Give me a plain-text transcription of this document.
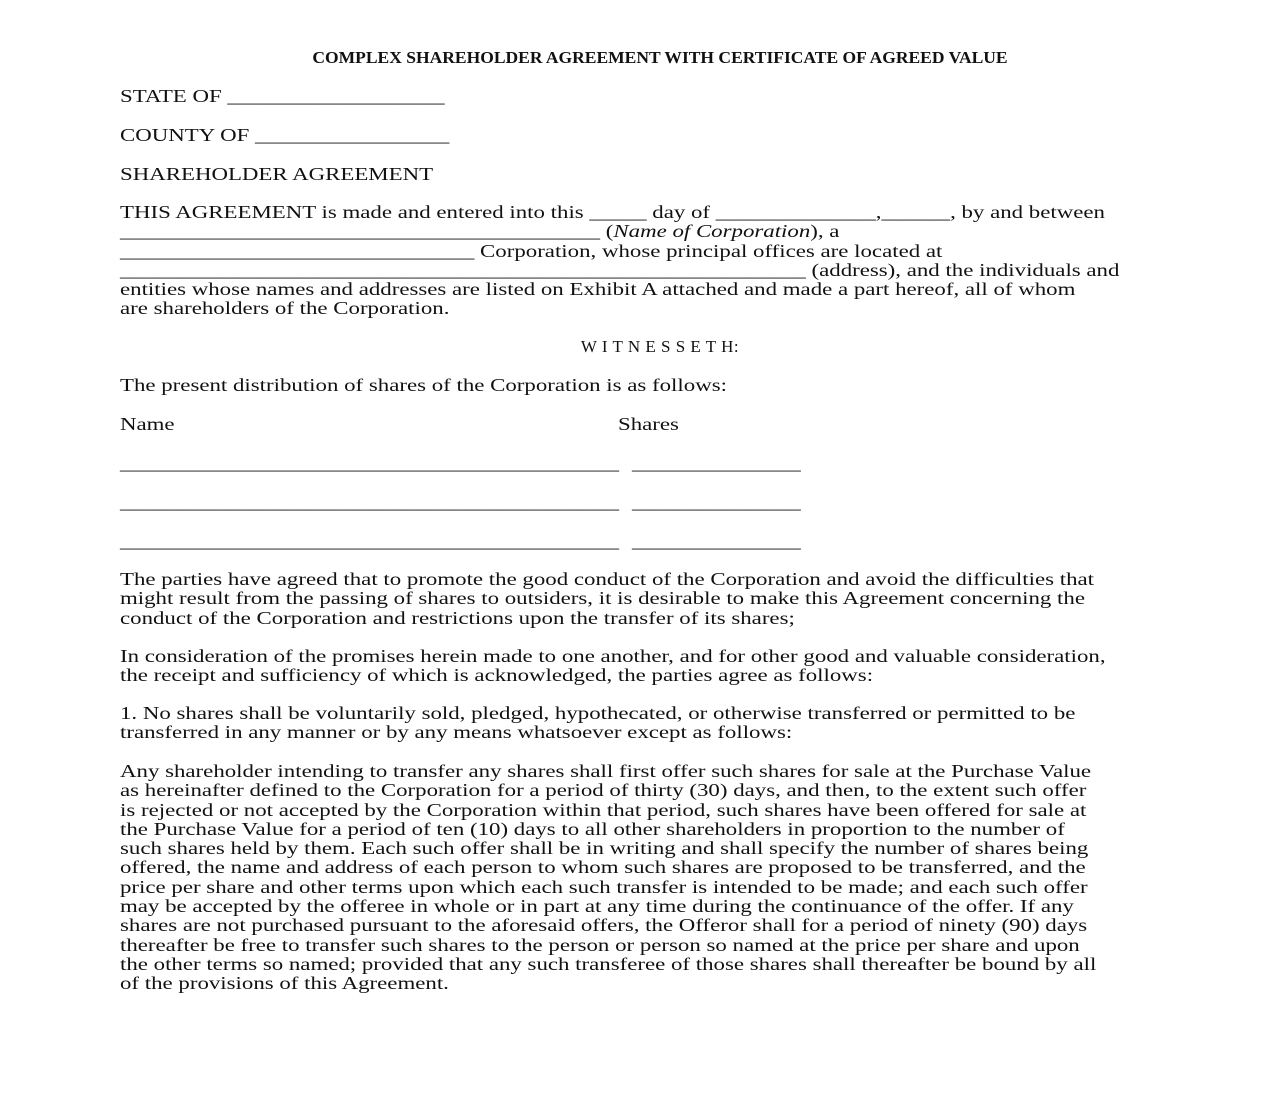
COMPLEX SHAREHOLDER AGREEMENT WITH CERTIFICATE OF AGREED VALUE
STATE OF ___________________
COUNTY OF _________________
SHAREHOLDER AGREEMENT
THIS AGREEMENT is made and entered into this _____ day of ______________,______, by and between
__________________________________________ (Name of Corporation), a
_______________________________ Corporation, whose principal offices are located at
____________________________________________________________ (address), and the individuals and
entities whose names and addresses are listed on Exhibit A attached and made a part hereof, all of whom
are shareholders of the Corporation.
W I T N E S S E T H:
The present distribution of shares of the Corporation is as follows:
Name	Shares
__________________________________________ _______________
__________________________________________ _______________
__________________________________________ _______________
The parties have agreed that to promote the good conduct of the Corporation and avoid the difficulties that
might result from the passing of shares to outsiders, it is desirable to make this Agreement concerning the
conduct of the Corporation and restrictions upon the transfer of its shares;
In consideration of the promises herein made to one another, and for other good and valuable consideration,
the receipt and sufficiency of which is acknowledged, the parties agree as follows:
1. No shares shall be voluntarily sold, pledged, hypothecated, or otherwise transferred or permitted to be
transferred in any manner or by any means whatsoever except as follows:
Any shareholder intending to transfer any shares shall first offer such shares for sale at the Purchase Value
as hereinafter defined to the Corporation for a period of thirty (30) days, and then, to the extent such offer
is rejected or not accepted by the Corporation within that period, such shares have been offered for sale at
the Purchase Value for a period of ten (10) days to all other shareholders in proportion to the number of
such shares held by them. Each such offer shall be in writing and shall specify the number of shares being
offered, the name and address of each person to whom such shares are proposed to be transferred, and the
price per share and other terms upon which each such transfer is intended to be made; and each such offer
may be accepted by the offeree in whole or in part at any time during the continuance of the offer. If any
shares are not purchased pursuant to the aforesaid offers, the Offeror shall for a period of ninety (90) days
thereafter be free to transfer such shares to the person or person so named at the price per share and upon
the other terms so named; provided that any such transferee of those shares shall thereafter be bound by all
of the provisions of this Agreement.
